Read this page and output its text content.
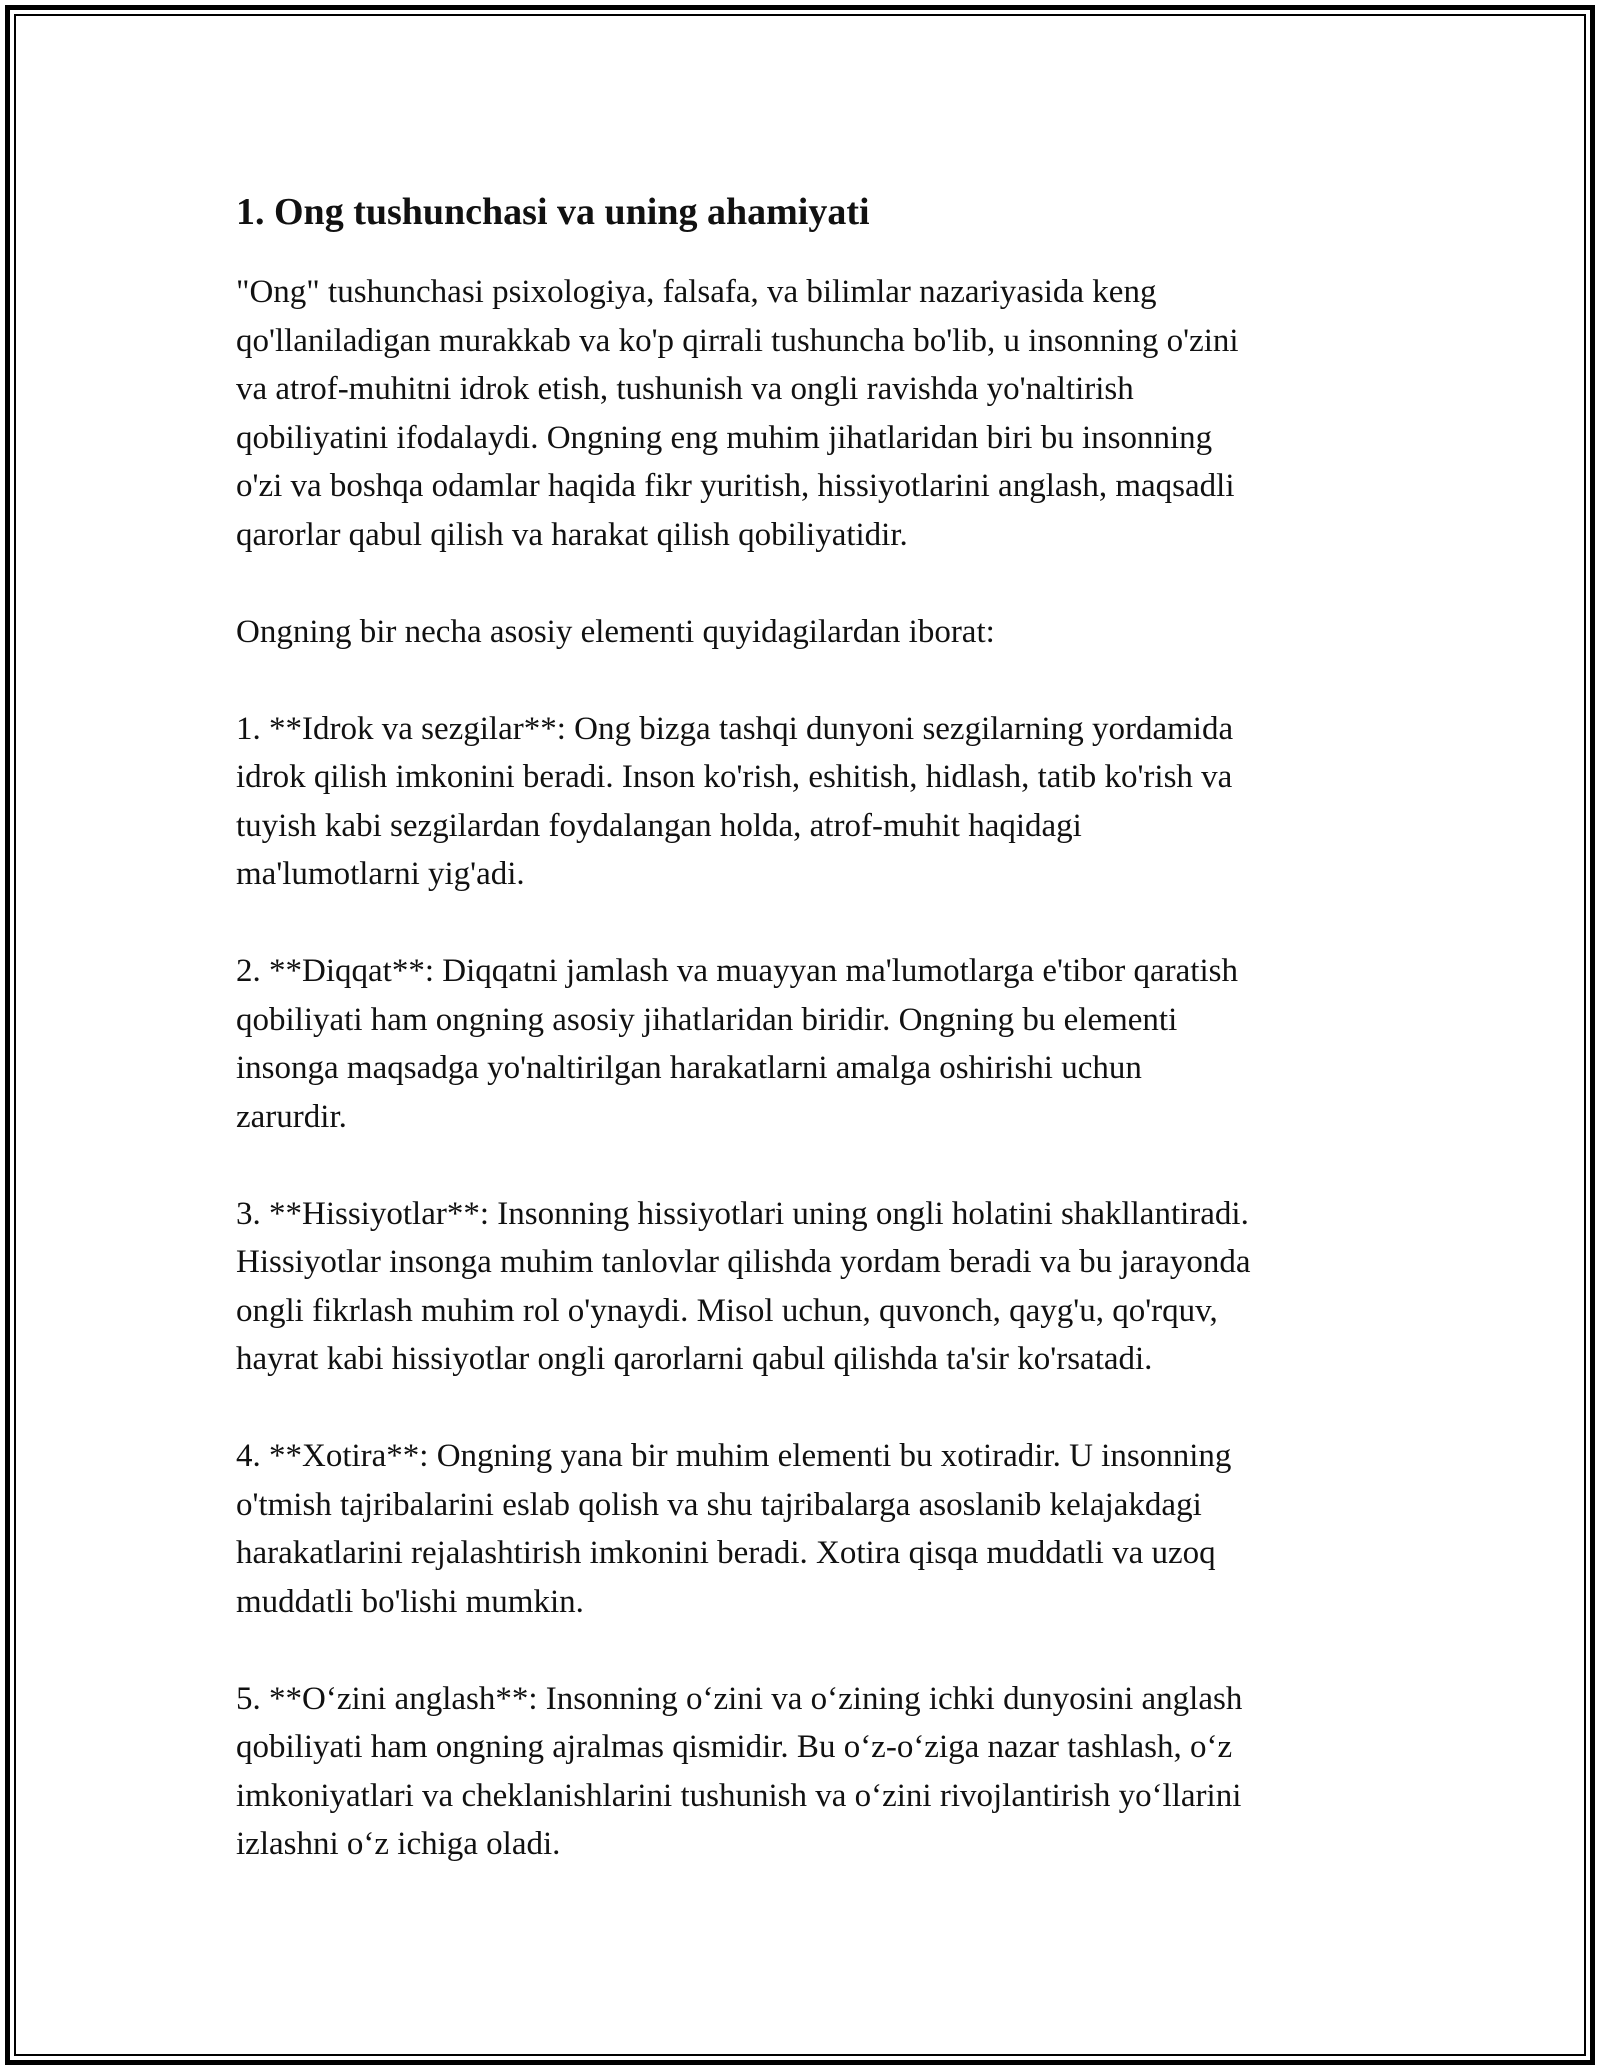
1. Ong tushunchasi va uning ahamiyati

"Ong" tushunchasi psixologiya, falsafa, va bilimlar nazariyasida keng
qo'llaniladigan murakkab va ko'p qirrali tushuncha bo'lib, u insonning o'zini
va atrof-muhitni idrok etish, tushunish va ongli ravishda yo'naltirish
qobiliyatini ifodalaydi. Ongning eng muhim jihatlaridan biri bu insonning
o'zi va boshqa odamlar haqida fikr yuritish, hissiyotlarini anglash, maqsadli
qarorlar qabul qilish va harakat qilish qobiliyatidir.

Ongning bir necha asosiy elementi quyidagilardan iborat:

1. **Idrok va sezgilar**: Ong bizga tashqi dunyoni sezgilarning yordamida
idrok qilish imkonini beradi. Inson ko'rish, eshitish, hidlash, tatib ko'rish va
tuyish kabi sezgilardan foydalangan holda, atrof-muhit haqidagi
ma'lumotlarni yig'adi.

2. **Diqqat**: Diqqatni jamlash va muayyan ma'lumotlarga e'tibor qaratish
qobiliyati ham ongning asosiy jihatlaridan biridir. Ongning bu elementi
insonga maqsadga yo'naltirilgan harakatlarni amalga oshirishi uchun
zarurdir.

3. **Hissiyotlar**: Insonning hissiyotlari uning ongli holatini shakllantiradi.
Hissiyotlar insonga muhim tanlovlar qilishda yordam beradi va bu jarayonda
ongli fikrlash muhim rol o'ynaydi. Misol uchun, quvonch, qayg'u, qo'rquv,
hayrat kabi hissiyotlar ongli qarorlarni qabul qilishda ta'sir ko'rsatadi.

4. **Xotira**: Ongning yana bir muhim elementi bu xotiradir. U insonning
o'tmish tajribalarini eslab qolish va shu tajribalarga asoslanib kelajakdagi
harakatlarini rejalashtirish imkonini beradi. Xotira qisqa muddatli va uzoq
muddatli bo'lishi mumkin.

5. **O‘zini anglash**: Insonning o‘zini va o‘zining ichki dunyosini anglash
qobiliyati ham ongning ajralmas qismidir. Bu o‘z-o‘ziga nazar tashlash, o‘z
imkoniyatlari va cheklanishlarini tushunish va o‘zini rivojlantirish yo‘llarini
izlashni o‘z ichiga oladi.
